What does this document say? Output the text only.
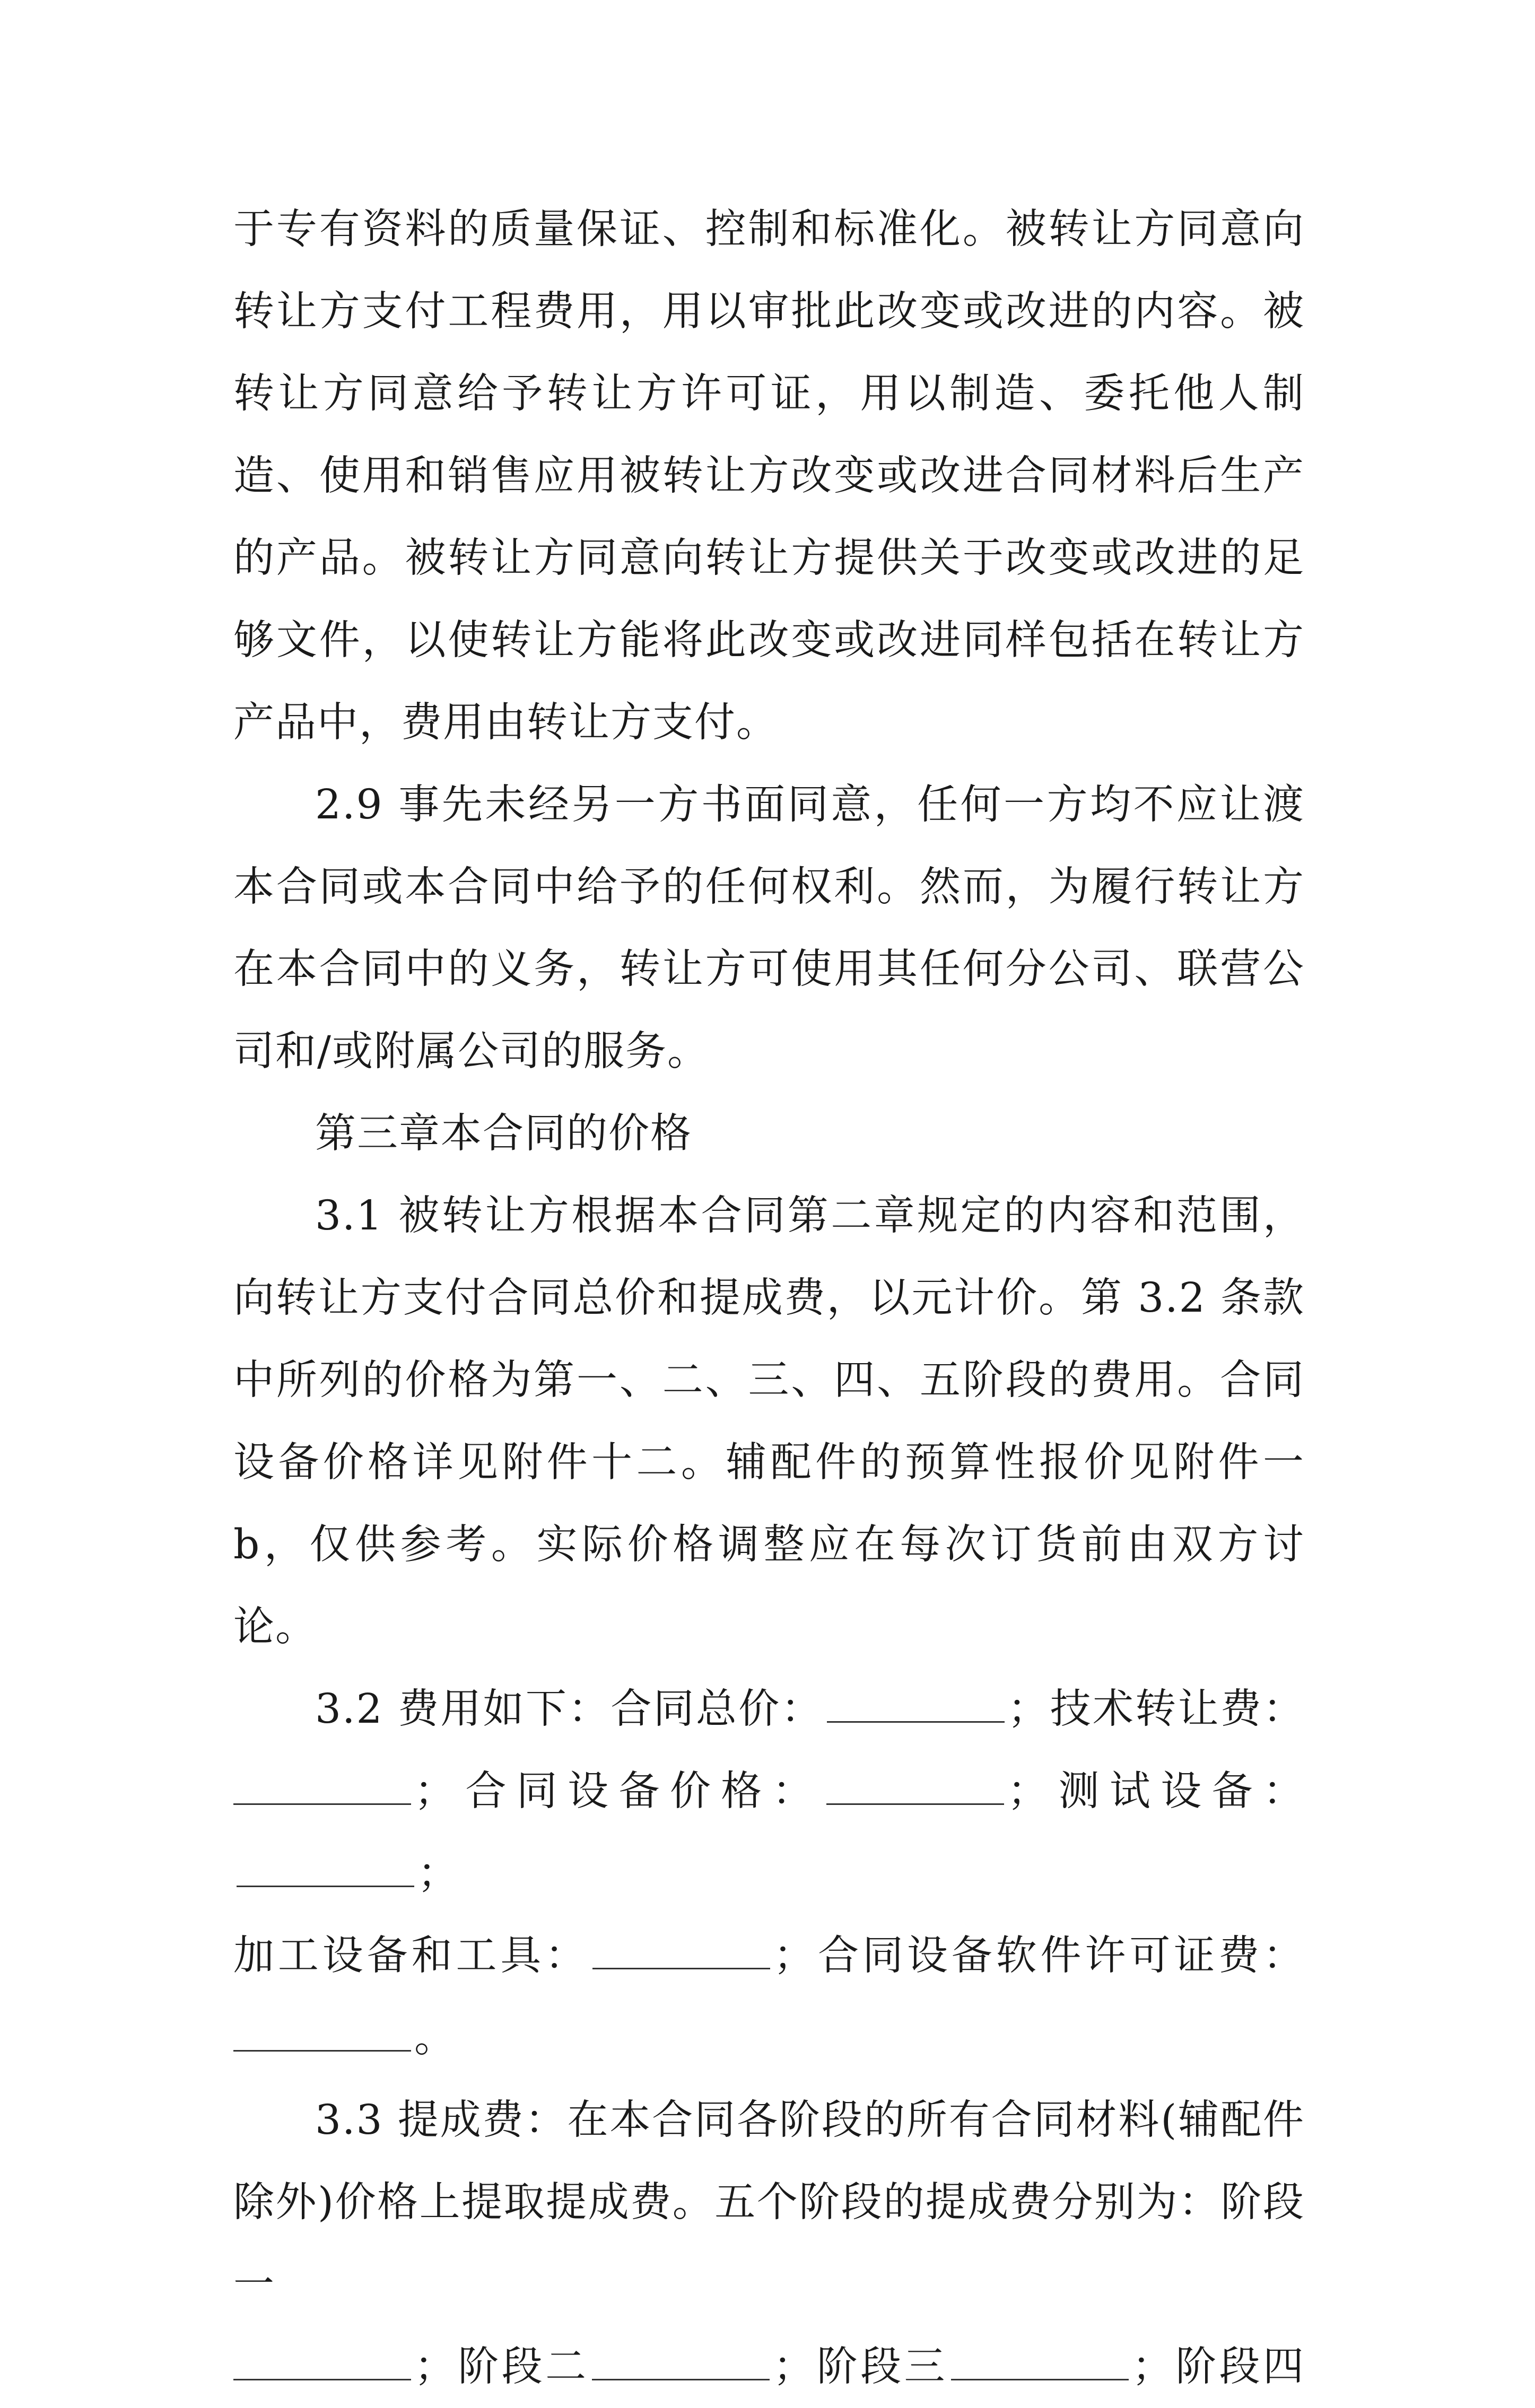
于专有资料的质量保证、控制和标准化。被转让方同意向转让方支付工程费用，用以审批此改变或改进的内容。被转让方同意给予转让方许可证，用以制造、委托他人制造、使用和销售应用被转让方改变或改进合同材料后生产的产品。被转让方同意向转让方提供关于改变或改进的足够文件，以使转让方能将此改变或改进同样包括在转让方产品中，费用由转让方支付。

2.9 事先未经另一方书面同意，任何一方均不应让渡本合同或本合同中给予的任何权利。然而，为履行转让方在本合同中的义务，转让方可使用其任何分公司、联营公司和/或附属公司的服务。

第三章本合同的价格

3.1 被转让方根据本合同第二章规定的内容和范围，向转让方支付合同总价和提成费，以元计价。第 3.2 条款中所列的价格为第一、二、三、四、五阶段的费用。合同设备价格详见附件十二。辅配件的预算性报价见附件一 b，仅供参考。实际价格调整应在每次订货前由双方讨论。

3.2 费用如下：合同总价：	；技术转让费：

；合同设备价格：	；测试设备：；

加工设备和工具：	；合同设备软件许可证费：

。

3.3 提成费：在本合同各阶段的所有合同材料(辅配件除外)价格上提取提成费。五个阶段的提成费分别为：阶段一

；阶段二	；阶段三	；阶段四
